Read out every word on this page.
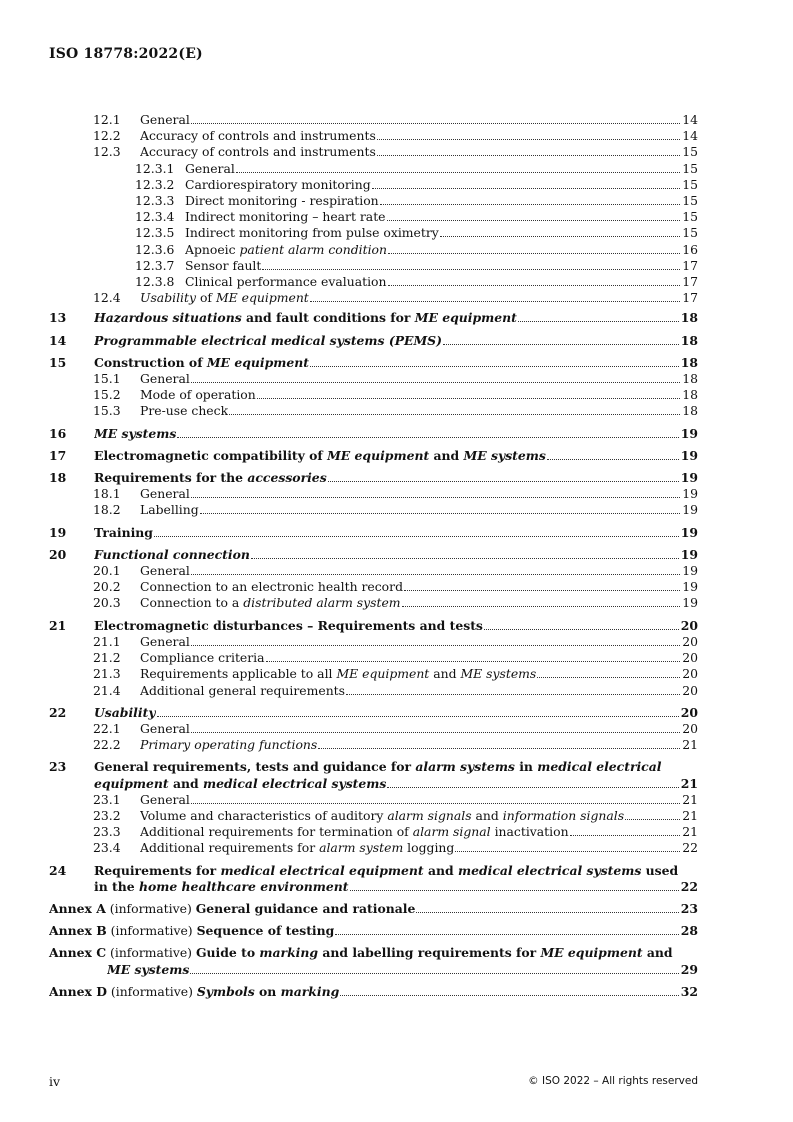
ISO 18778:2022(E)
12.1	General	14
12.2	Accuracy of controls and instruments	14
12.3	Accuracy of controls and instruments	15
12.3.1 General	15
12.3.2 Cardiorespiratory monitoring	15
12.3.3 Direct monitoring - respiration	15
12.3.4 Indirect monitoring – heart rate	15
12.3.5 Indirect monitoring from pulse oximetry	15
12.3.6 Apnoeic patient alarm condition	16
12.3.7 Sensor fault	17
12.3.8 Clinical performance evaluation	17
12.4	Usability of ME equipment	17
13	Hazardous situations and fault conditions for ME equipment	18
14	Programmable electrical medical systems (PEMS)	18
15	Construction of ME equipment	18
15.1	General	18
15.2	Mode of operation	18
15.3	Pre-use check	18
16	ME systems	19
17	Electromagnetic compatibility of ME equipment and ME systems	19
18	Requirements for the accessories	19
18.1	General	19
18.2	Labelling	19
19	Training	19
20	Functional connection	19
20.1	General	19
20.2	Connection to an electronic health record	19
20.3	Connection to a distributed alarm system	19
21	Electromagnetic disturbances – Requirements and tests	20
21.1	General	20
21.2	Compliance criteria	20
21.3	Requirements applicable to all ME equipment and ME systems	20
21.4	Additional general requirements	20
22	Usability	20
22.1	General	20
22.2	Primary operating functions	21
23	General requirements, tests and guidance for alarm systems in medical electrical
equipment and medical electrical systems	21
23.1	General	21
23.2	Volume and characteristics of auditory alarm signals and information signals	21
23.3	Additional requirements for termination of alarm signal inactivation	21
23.4	Additional requirements for alarm system logging	22
24	Requirements for medical electrical equipment and medical electrical systems used
in the home healthcare environment	22
Annex A (informative) General guidance and rationale	23
Annex B (informative) Sequence of testing	28
Annex C (informative) Guide to marking and labelling requirements for ME equipment and
ME systems	29
Annex D (informative) Symbols on marking	32
iv	© ISO 2022 – All rights reserved
